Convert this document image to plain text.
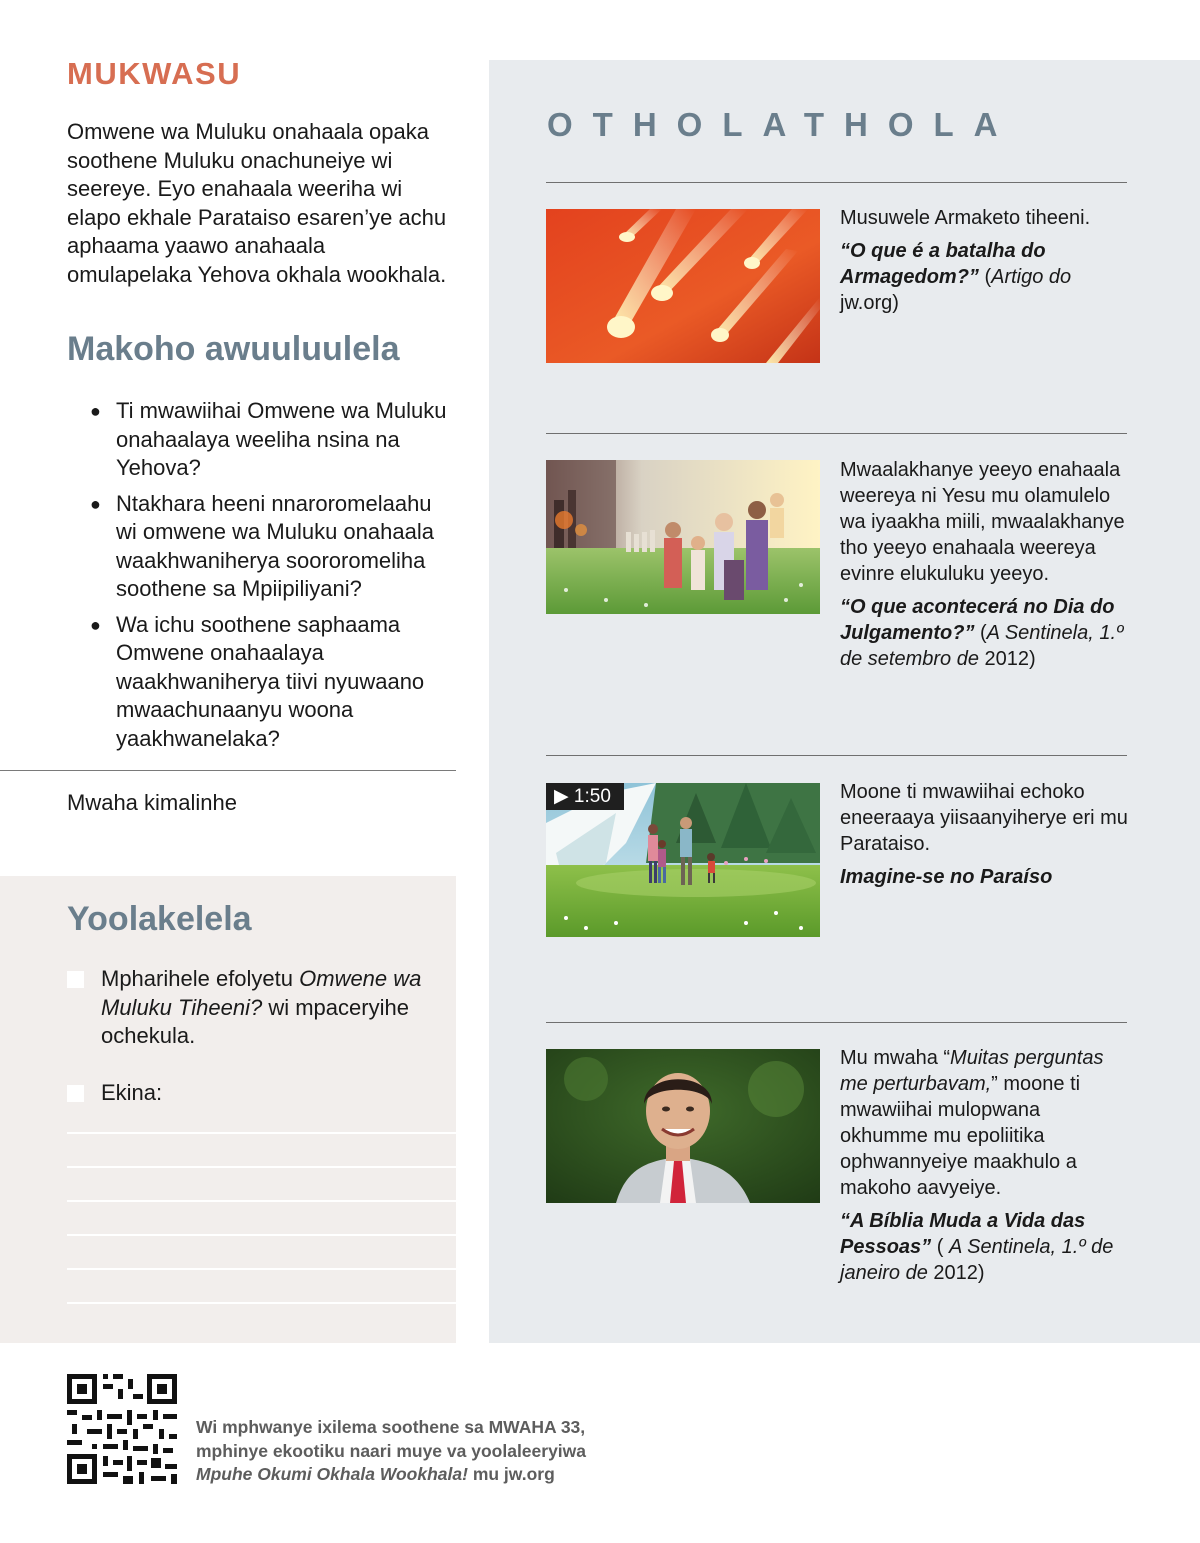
MUKWASU

Omwene wa Muluku onahaala opaka soothene Muluku onachuneiye wi seereye. Eyo enahaala weeriha wi elapo ekhale Parataiso esaren’ye achu aphaama yaawo anahaala omulapelaka Yehova okhala wookhala.

Makoho awuuluulela
● Ti mwawiihai Omwene wa Muluku onahaalaya weeliha nsina na Yehova?
● Ntakhara heeni nnaroromelaahu wi omwene wa Muluku onahaala waakhwaniherya soororomeliha soothene sa Mpiipiliyani?
● Wa ichu soothene saphaama Omwene onahaalaya waakhwaniherya tiivi nyuwaano mwaachunaanyu woona yaakhwanelaka?
Mwaha kimalinhe
Yoolakelela
Mpharihele efolyetu Omwene wa Muluku Tiheeni? wi mpaceryihe ochekula.
Ekina:
OTHOLATHOLA
Musuwele Armaketo tiheeni.
“O que é a batalha do Armagedom?” (Artigo do jw.org)
Mwaalakhanye yeeyo enahaala weereya ni Yesu mu olamulelo wa iyaakha miili, mwaalakhanye tho yeeyo enahaala weereya evinre elukuluku yeeyo.
“O que acontecerá no Dia do Julgamento?” (A Sentinela, 1.º de setembro de 2012)
▶ 1:50	Moone ti mwawiihai echoko eneeraaya yiisaanyiherye eri mu Parataiso.
Imagine-se no Paraíso
Mu mwaha “Muitas perguntas me perturbavam,” moone ti mwawiihai mulopwana okhumme mu epoliitika ophwannyeiye maakhulo a makoho aavyeiye.
“A Bíblia Muda a Vida das Pessoas” ( A Sentinela, 1.º de janeiro de 2012)
Wi mphwanye ixilema soothene sa MWAHA 33, mphinye ekootiku naari muye va yoolaleeryiwa Mpuhe Okumi Okhala Wookhala! mu jw.org
